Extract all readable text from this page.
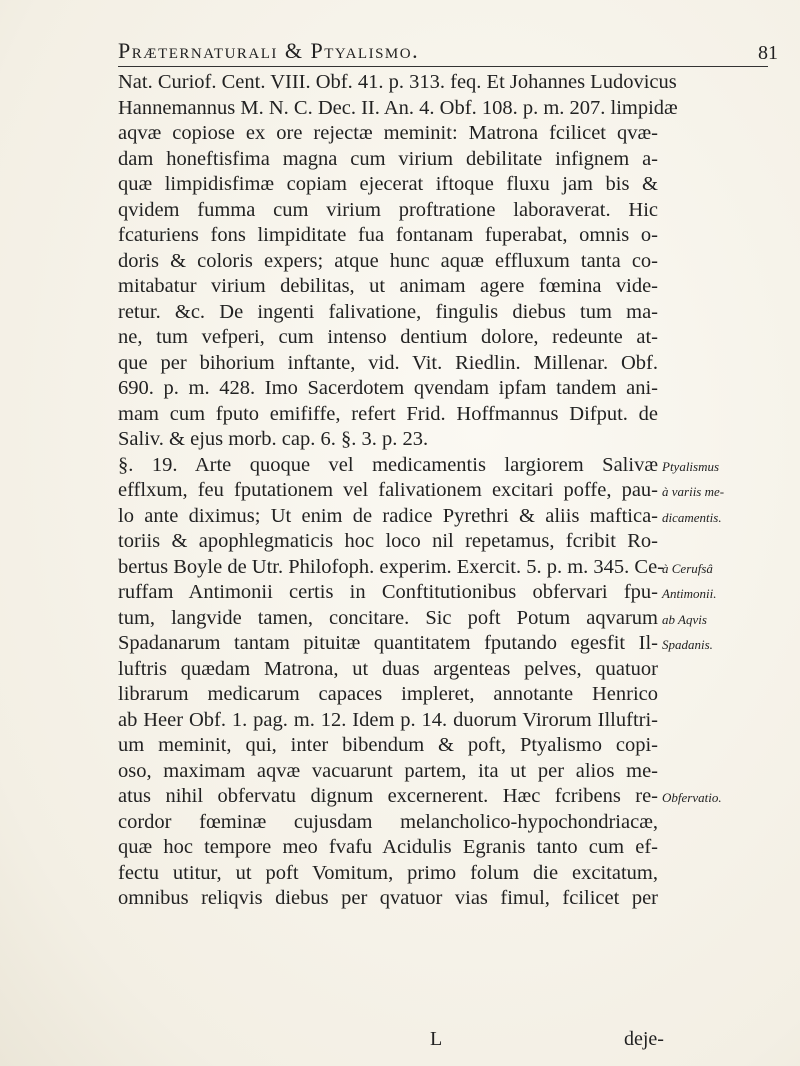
Præternaturali & Ptyalismo.	81
Nat. Curiof. Cent. VIII. Obf. 41. p. 313. feq. Et Johannes Ludovicus
Hannemannus M. N. C. Dec. II. An. 4. Obf. 108. p. m. 207. limpidæ
aqvæ copiose ex ore rejectæ meminit: Matrona fcilicet qvæ-
dam honeftisfima magna cum virium debilitate infignem a-
quæ limpidisfimæ copiam ejecerat iftoque fluxu jam bis &
qvidem fumma cum virium proftratione laboraverat. Hic
fcaturiens fons limpiditate fua fontanam fuperabat, omnis o-
doris & coloris expers; atque hunc aquæ effluxum tanta co-
mitabatur virium debilitas, ut animam agere fœmina vide-
retur. &c. De ingenti falivatione, fingulis diebus tum ma-
ne, tum vefperi, cum intenso dentium dolore, redeunte at-
que per bihorium inftante, vid. Vit. Riedlin. Millenar. Obf.
690. p. m. 428. Imo Sacerdotem qvendam ipfam tandem ani-
mam cum fputo emififfe, refert Frid. Hoffmannus Difput. de
Saliv. & ejus morb. cap. 6. §. 3. p. 23.
§. 19. Arte quoque vel medicamentis largiorem Salivæ
efflxum, feu fputationem vel falivationem excitari poffe, pau-
lo ante diximus; Ut enim de radice Pyrethri & aliis maftica-
toriis & apophlegmaticis hoc loco nil repetamus, fcribit Ro-
bertus Boyle de Utr. Philofoph. experim. Exercit. 5. p. m. 345. Ce-
ruffam Antimonii certis in Conftitutionibus obfervari fpu-
tum, langvide tamen, concitare. Sic poft Potum aqvarum
Spadanarum tantam pituitæ quantitatem fputando egesfit Il-
luftris quædam Matrona, ut duas argenteas pelves, quatuor
librarum medicarum capaces impleret, annotante Henrico
ab Heer Obf. 1. pag. m. 12. Idem p. 14. duorum Virorum Illuftri-
um meminit, qui, inter bibendum & poft, Ptyalismo copi-
oso, maximam aqvæ vacuarunt partem, ita ut per alios me-
atus nihil obfervatu dignum excernerent. Hæc fcribens re-
cordor fœminæ cujusdam melancholico-hypochondriacæ,
quæ hoc tempore meo fvafu Acidulis Egranis tanto cum ef-
fectu utitur, ut poft Vomitum, primo folum die excitatum,
omnibus reliqvis diebus per qvatuor vias fimul, fcilicet per
Ptyalismus
à variis me-
dicamentis.
à Cerufsâ
Antimonii.
ab Aqvis
Spadanis.
Obfervatio.
L	deje-
